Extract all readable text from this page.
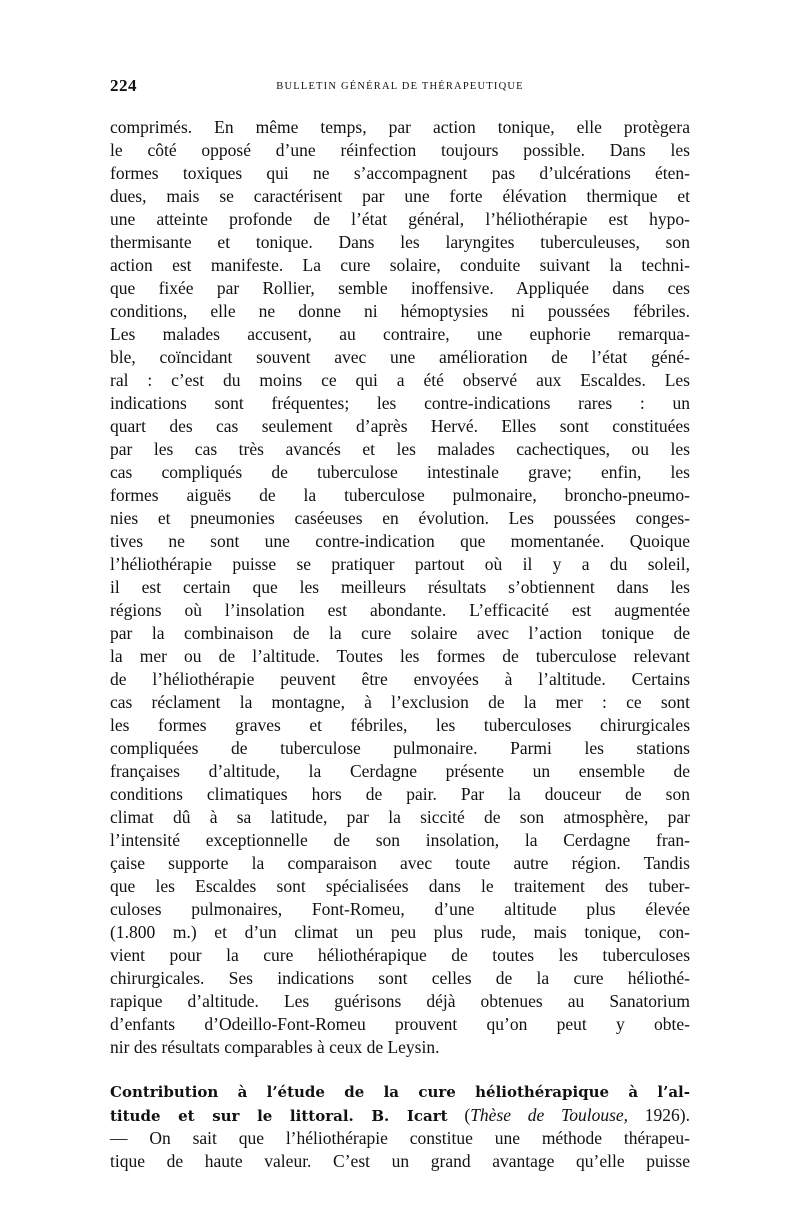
224	BULLETIN GÉNÉRAL DE THÉRAPEUTIQUE
comprimés. En même temps, par action tonique, elle protègera
le côté opposé d’une réinfection toujours possible. Dans les
formes toxiques qui ne s’accompagnent pas d’ulcérations éten-
dues, mais se caractérisent par une forte élévation thermique et
une atteinte profonde de l’état général, l’héliothérapie est hypo-
thermisante et tonique. Dans les laryngites tuberculeuses, son
action est manifeste. La cure solaire, conduite suivant la techni-
que fixée par Rollier, semble inoffensive. Appliquée dans ces
conditions, elle ne donne ni hémoptysies ni poussées fébriles.
Les malades accusent, au contraire, une euphorie remarqua-
ble, coïncidant souvent avec une amélioration de l’état géné-
ral : c’est du moins ce qui a été observé aux Escaldes. Les
indications sont fréquentes; les contre-indications rares : un
quart des cas seulement d’après Hervé. Elles sont constituées
par les cas très avancés et les malades cachectiques, ou les
cas compliqués de tuberculose intestinale grave; enfin, les
formes aiguës de la tuberculose pulmonaire, broncho-pneumo-
nies et pneumonies caséeuses en évolution. Les poussées conges-
tives ne sont une contre-indication que momentanée. Quoique
l’héliothérapie puisse se pratiquer partout où il y a du soleil,
il est certain que les meilleurs résultats s’obtiennent dans les
régions où l’insolation est abondante. L’efficacité est augmentée
par la combinaison de la cure solaire avec l’action tonique de
la mer ou de l’altitude. Toutes les formes de tuberculose relevant
de l’héliothérapie peuvent être envoyées à l’altitude. Certains
cas réclament la montagne, à l’exclusion de la mer : ce sont
les formes graves et fébriles, les tuberculoses chirurgicales
compliquées de tuberculose pulmonaire. Parmi les stations
françaises d’altitude, la Cerdagne présente un ensemble de
conditions climatiques hors de pair. Par la douceur de son
climat dû à sa latitude, par la siccité de son atmosphère, par
l’intensité exceptionnelle de son insolation, la Cerdagne fran-
çaise supporte la comparaison avec toute autre région. Tandis
que les Escaldes sont spécialisées dans le traitement des tuber-
culoses pulmonaires, Font-Romeu, d’une altitude plus élevée
(1.800 m.) et d’un climat un peu plus rude, mais tonique, con-
vient pour la cure héliothérapique de toutes les tuberculoses
chirurgicales. Ses indications sont celles de la cure héliothé-
rapique d’altitude. Les guérisons déjà obtenues au Sanatorium
d’enfants d’Odeillo-Font-Romeu prouvent qu’on peut y obte-
nir des résultats comparables à ceux de Leysin.
Contribution à l’étude de la cure héliothérapique à l’al-
titude et sur le littoral. B. Icart (Thèse de Toulouse, 1926).
— On sait que l’héliothérapie constitue une méthode thérapeu-
tique de haute valeur. C’est un grand avantage qu’elle puisse
